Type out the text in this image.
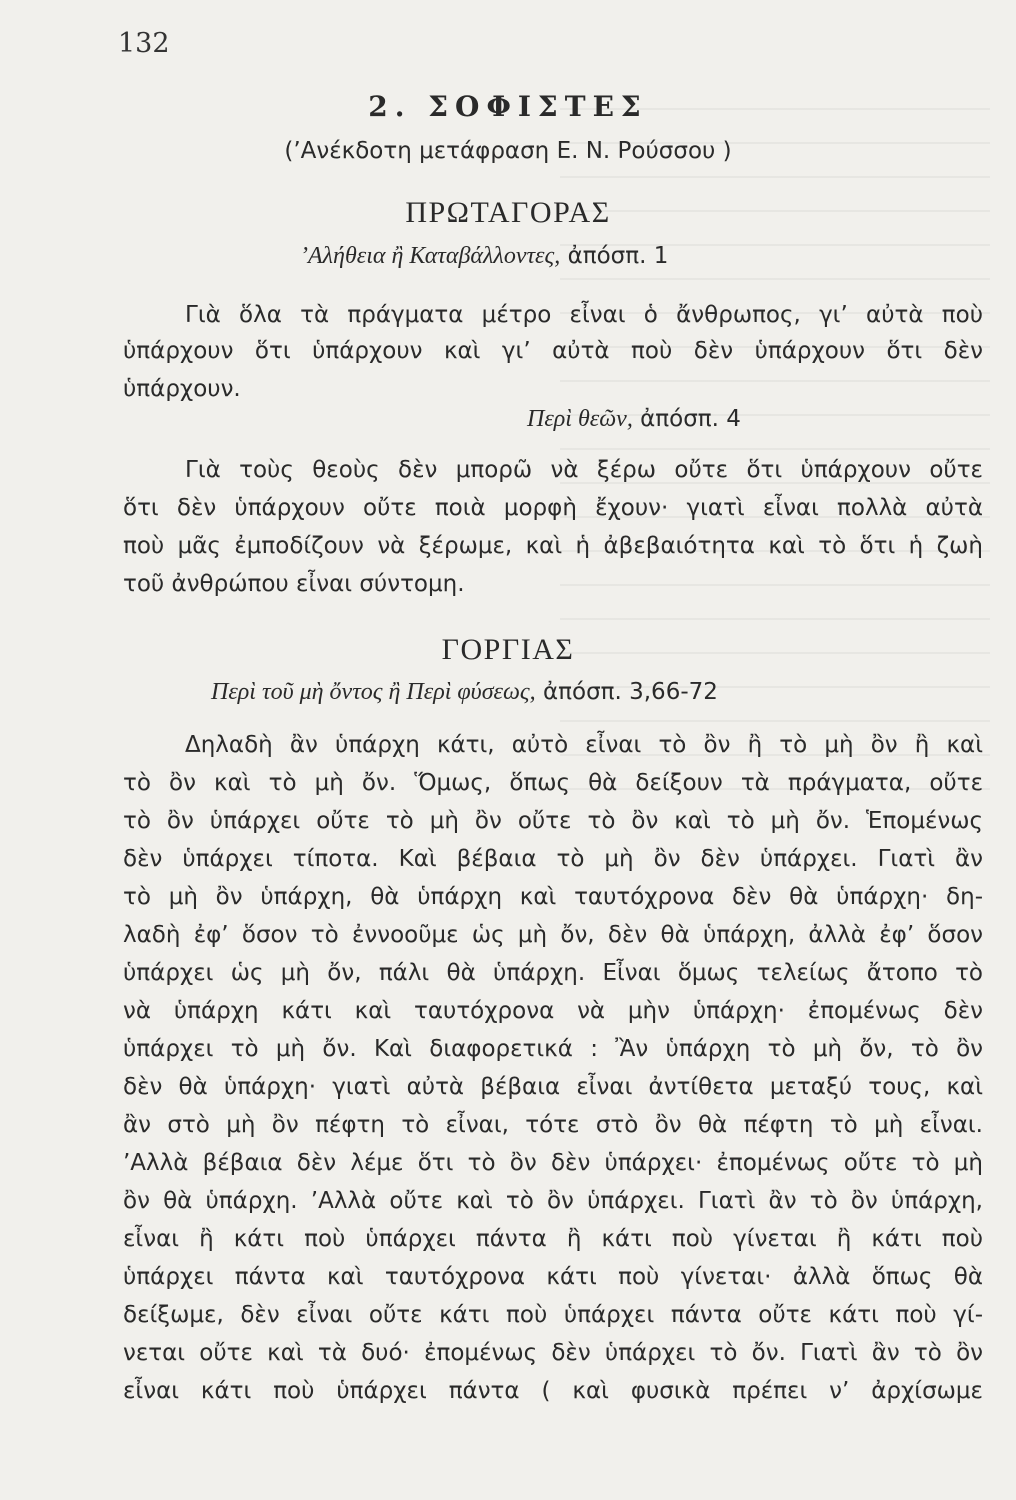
132
2. ΣΟΦΙΣΤΕΣ
(’Ανέκδοτη μετάφραση Ε. Ν. Ρούσσου )
ΠΡΩΤΑΓΟΡΑΣ
’Αλήθεια ἢ Καταβάλλοντες, ἀπόσπ. 1
Γιὰ ὅλα τὰ πράγματα μέτρο εἶναι ὁ ἄνθρωπος, γι’ αὐτὰ ποὺ
ὑπάρχουν ὅτι ὑπάρχουν καὶ γι’ αὐτὰ ποὺ δὲν ὑπάρχουν ὅτι δὲν
ὑπάρχουν.
Περὶ θεῶν, ἀπόσπ. 4
Γιὰ τοὺς θεοὺς δὲν μπορῶ νὰ ξέρω οὔτε ὅτι ὑπάρχουν οὔτε
ὅτι δὲν ὑπάρχουν οὔτε ποιὰ μορφὴ ἔχουν· γιατὶ εἶναι πολλὰ αὐτὰ
ποὺ μᾶς ἐμποδίζουν νὰ ξέρωμε, καὶ ἡ ἀβεβαιότητα καὶ τὸ ὅτι ἡ ζωὴ
τοῦ ἀνθρώπου εἶναι σύντομη.
ΓΟΡΓΙΑΣ
Περὶ τοῦ μὴ ὄντος ἢ Περὶ φύσεως, ἀπόσπ. 3,66-72
Δηλαδὴ ἂν ὑπάρχη κάτι, αὐτὸ εἶναι τὸ ὂν ἢ τὸ μὴ ὂν ἢ καὶ
τὸ ὂν καὶ τὸ μὴ ὄν. Ὅμως, ὅπως θὰ δείξουν τὰ πράγματα, οὔτε
τὸ ὂν ὑπάρχει οὔτε τὸ μὴ ὂν οὔτε τὸ ὂν καὶ τὸ μὴ ὄν. Ἑπομένως
δὲν ὑπάρχει τίποτα. Καὶ βέβαια τὸ μὴ ὂν δὲν ὑπάρχει. Γιατὶ ἂν
τὸ μὴ ὂν ὑπάρχη, θὰ ὑπάρχη καὶ ταυτόχρονα δὲν θὰ ὑπάρχη· δη-
λαδὴ ἐφ’ ὅσον τὸ ἐννοοῦμε ὡς μὴ ὄν, δὲν θὰ ὑπάρχη, ἀλλὰ ἐφ’ ὅσον
ὑπάρχει ὡς μὴ ὄν, πάλι θὰ ὑπάρχη. Εἶναι ὅμως τελείως ἄτοπο τὸ
νὰ ὑπάρχη κάτι καὶ ταυτόχρονα νὰ μὴν ὑπάρχη· ἐπομένως δὲν
ὑπάρχει τὸ μὴ ὄν. Καὶ διαφορετικά : Ἂν ὑπάρχη τὸ μὴ ὄν, τὸ ὂν
δὲν θὰ ὑπάρχη· γιατὶ αὐτὰ βέβαια εἶναι ἀντίθετα μεταξύ τους, καὶ
ἂν στὸ μὴ ὂν πέφτη τὸ εἶναι, τότε στὸ ὂν θὰ πέφτη τὸ μὴ εἶναι.
’Αλλὰ βέβαια δὲν λέμε ὅτι τὸ ὂν δὲν ὑπάρχει· ἐπομένως οὔτε τὸ μὴ
ὂν θὰ ὑπάρχη. ’Αλλὰ οὔτε καὶ τὸ ὂν ὑπάρχει. Γιατὶ ἂν τὸ ὂν ὑπάρχη,
εἶναι ἢ κάτι ποὺ ὑπάρχει πάντα ἢ κάτι ποὺ γίνεται ἢ κάτι ποὺ
ὑπάρχει πάντα καὶ ταυτόχρονα κάτι ποὺ γίνεται· ἀλλὰ ὅπως θὰ
δείξωμε, δὲν εἶναι οὔτε κάτι ποὺ ὑπάρχει πάντα οὔτε κάτι ποὺ γί-
νεται οὔτε καὶ τὰ δυό· ἐπομένως δὲν ὑπάρχει τὸ ὄν. Γιατὶ ἂν τὸ ὂν
εἶναι κάτι ποὺ ὑπάρχει πάντα ( καὶ φυσικὰ πρέπει ν’ ἀρχίσωμε
